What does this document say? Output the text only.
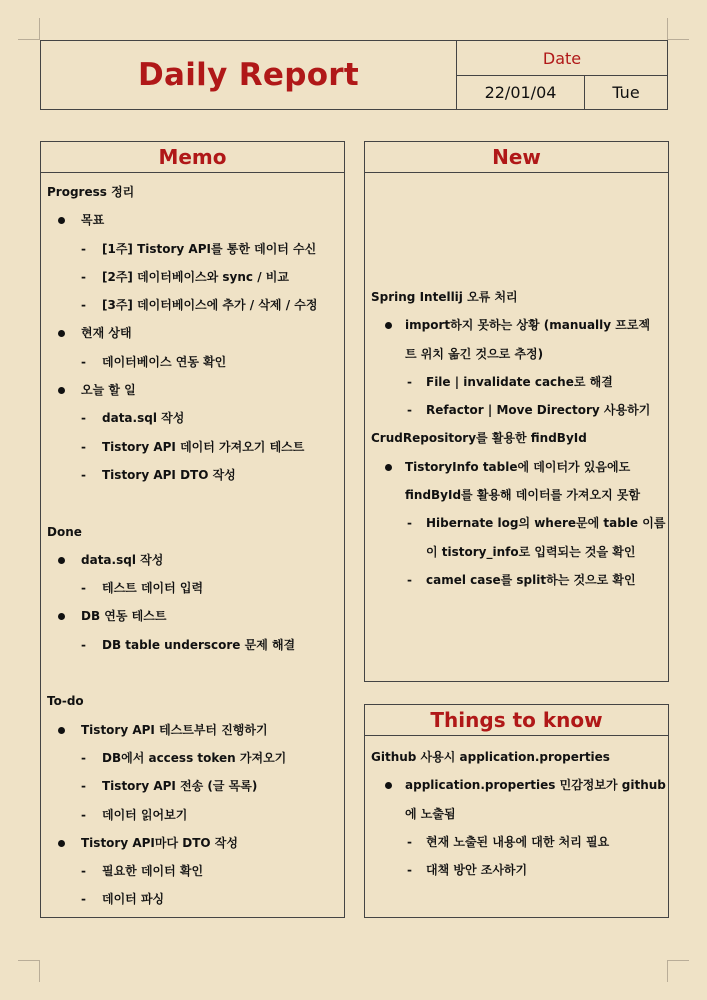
Daily Report	Date
22/01/04	Tue
Memo
Progress 정리
목표
- [1주] Tistory API를 통한 데이터 수신
- [2주] 데이터베이스와 sync / 비교
- [3주] 데이터베이스에 추가 / 삭제 / 수정
현재 상태
- 데이터베이스 연동 확인
오늘 할 일
- data.sql 작성
- Tistory API 데이터 가져오기 테스트
- Tistory API DTO 작성
Done
data.sql 작성
- 테스트 데이터 입력
DB 연동 테스트
- DB table underscore 문제 해결
To-do
Tistory API 테스트부터 진행하기
- DB에서 access token 가져오기
- Tistory API 전송 (글 목록)
- 데이터 읽어보기
Tistory API마다 DTO 작성
- 필요한 데이터 확인
- 데이터 파싱
New
Spring Intellij 오류 처리
import하지 못하는 상황 (manually 프로젝
트 위치 옮긴 것으로 추정)
- File | invalidate cache로 해결
- Refactor | Move Directory 사용하기
CrudRepository를 활용한 findById
TistoryInfo table에 데이터가 있음에도
findById를 활용해 데이터를 가져오지 못함
- Hibernate log의 where문에 table 이름
이 tistory_info로 입력되는 것을 확인
- camel case를 split하는 것으로 확인
Things to know
Github 사용시 application.properties
application.properties 민감정보가 github
에 노출됨
- 현재 노출된 내용에 대한 처리 필요
- 대책 방안 조사하기
